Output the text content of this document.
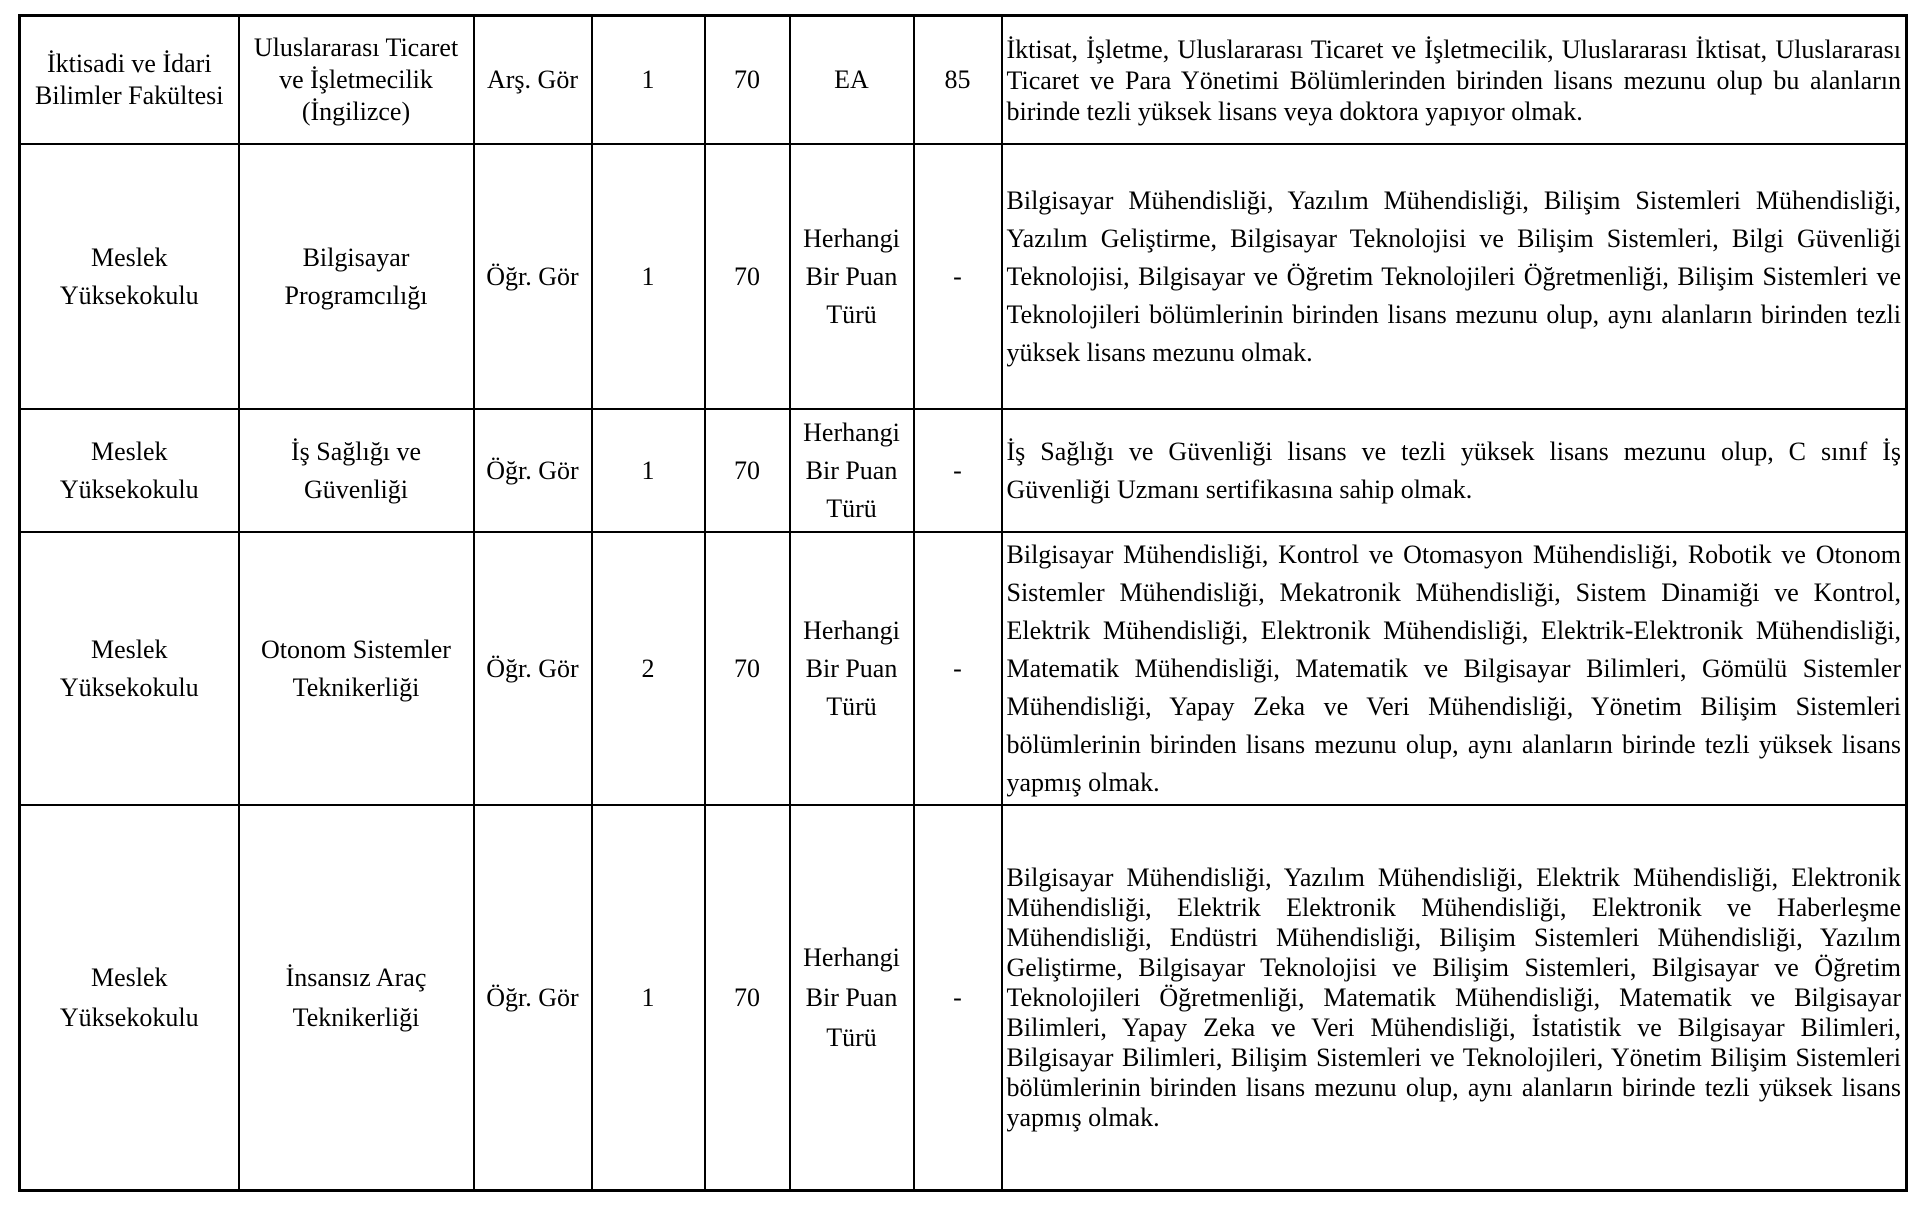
İktisadi ve İdari Bilimler Fakültesi	Uluslararası Ticaret ve İşletmecilik (İngilizce)	Arş. Gör	1	70	EA	85	İktisat, İşletme, Uluslararası Ticaret ve İşletmecilik, Uluslararası İktisat, Uluslararası Ticaret ve Para Yönetimi Bölümlerinden birinden lisans mezunu olup bu alanların birinde tezli yüksek lisans veya doktora yapıyor olmak.
Meslek Yüksekokulu	Bilgisayar Programcılığı	Öğr. Gör	1	70	Herhangi Bir Puan Türü	-	Bilgisayar Mühendisliği, Yazılım Mühendisliği, Bilişim Sistemleri Mühendisliği, Yazılım Geliştirme, Bilgisayar Teknolojisi ve Bilişim Sistemleri, Bilgi Güvenliği Teknolojisi, Bilgisayar ve Öğretim Teknolojileri Öğretmenliği, Bilişim Sistemleri ve Teknolojileri bölümlerinin birinden lisans mezunu olup, aynı alanların birinden tezli yüksek lisans mezunu olmak.
Meslek Yüksekokulu	İş Sağlığı ve Güvenliği	Öğr. Gör	1	70	Herhangi Bir Puan Türü	-	İş Sağlığı ve Güvenliği lisans ve tezli yüksek lisans mezunu olup, C sınıf İş Güvenliği Uzmanı sertifikasına sahip olmak.
Meslek Yüksekokulu	Otonom Sistemler Teknikerliği	Öğr. Gör	2	70	Herhangi Bir Puan Türü	-	Bilgisayar Mühendisliği, Kontrol ve Otomasyon Mühendisliği, Robotik ve Otonom Sistemler Mühendisliği, Mekatronik Mühendisliği, Sistem Dinamiği ve Kontrol, Elektrik Mühendisliği, Elektronik Mühendisliği, Elektrik-Elektronik Mühendisliği, Matematik Mühendisliği, Matematik ve Bilgisayar Bilimleri, Gömülü Sistemler Mühendisliği, Yapay Zeka ve Veri Mühendisliği, Yönetim Bilişim Sistemleri bölümlerinin birinden lisans mezunu olup, aynı alanların birinde tezli yüksek lisans yapmış olmak.
Meslek Yüksekokulu	İnsansız Araç Teknikerliği	Öğr. Gör	1	70	Herhangi Bir Puan Türü	-	Bilgisayar Mühendisliği, Yazılım Mühendisliği, Elektrik Mühendisliği, Elektronik Mühendisliği, Elektrik Elektronik Mühendisliği, Elektronik ve Haberleşme Mühendisliği, Endüstri Mühendisliği, Bilişim Sistemleri Mühendisliği, Yazılım Geliştirme, Bilgisayar Teknolojisi ve Bilişim Sistemleri, Bilgisayar ve Öğretim Teknolojileri Öğretmenliği, Matematik Mühendisliği, Matematik ve Bilgisayar Bilimleri, Yapay Zeka ve Veri Mühendisliği, İstatistik ve Bilgisayar Bilimleri, Bilgisayar Bilimleri, Bilişim Sistemleri ve Teknolojileri, Yönetim Bilişim Sistemleri bölümlerinin birinden lisans mezunu olup, aynı alanların birinde tezli yüksek lisans yapmış olmak.
